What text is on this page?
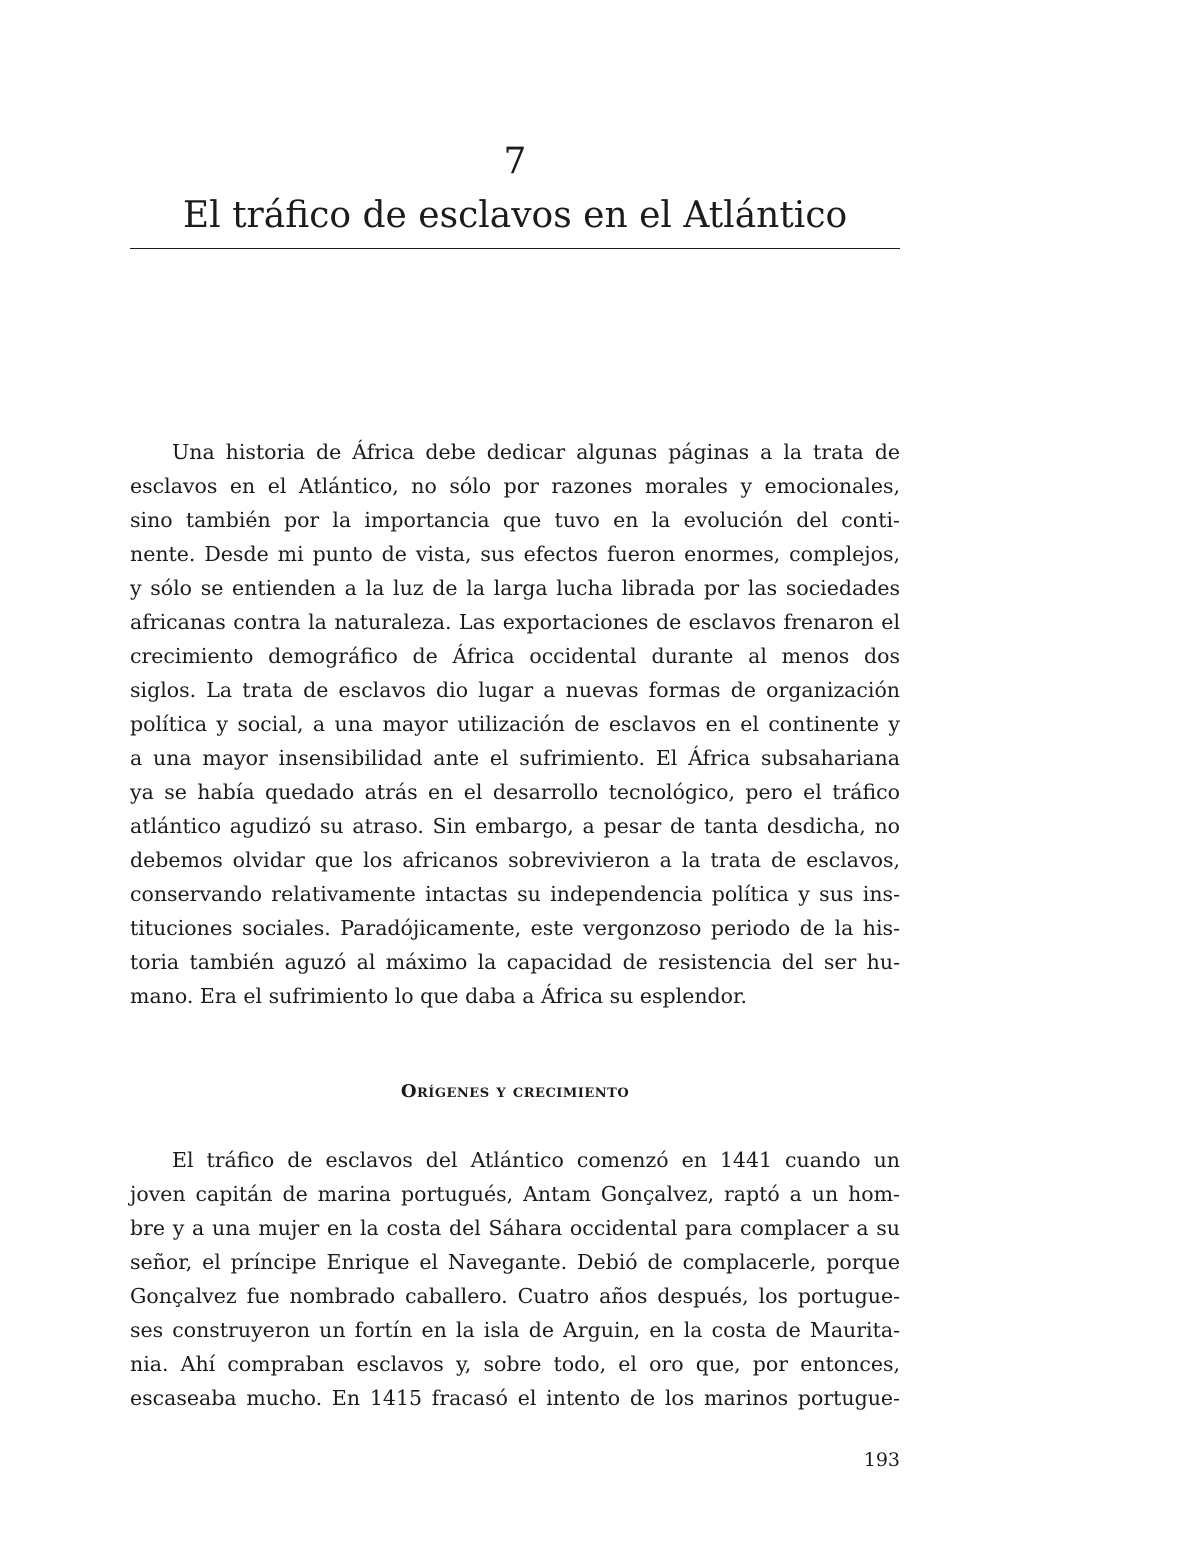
7
El tráfico de esclavos en el Atlántico
Una historia de África debe dedicar algunas páginas a la trata de
esclavos en el Atlántico, no sólo por razones morales y emocionales,
sino también por la importancia que tuvo en la evolución del conti-
nente. Desde mi punto de vista, sus efectos fueron enormes, complejos,
y sólo se entienden a la luz de la larga lucha librada por las sociedades
africanas contra la naturaleza. Las exportaciones de esclavos frenaron el
crecimiento demográfico de África occidental durante al menos dos
siglos. La trata de esclavos dio lugar a nuevas formas de organización
política y social, a una mayor utilización de esclavos en el continente y
a una mayor insensibilidad ante el sufrimiento. El África subsahariana
ya se había quedado atrás en el desarrollo tecnológico, pero el tráfico
atlántico agudizó su atraso. Sin embargo, a pesar de tanta desdicha, no
debemos olvidar que los africanos sobrevivieron a la trata de esclavos,
conservando relativamente intactas su independencia política y sus ins-
tituciones sociales. Paradójicamente, este vergonzoso periodo de la his-
toria también aguzó al máximo la capacidad de resistencia del ser hu-
mano. Era el sufrimiento lo que daba a África su esplendor.
Orígenes y crecimiento
El tráfico de esclavos del Atlántico comenzó en 1441 cuando un
joven capitán de marina portugués, Antam Gonçalvez, raptó a un hom-
bre y a una mujer en la costa del Sáhara occidental para complacer a su
señor, el príncipe Enrique el Navegante. Debió de complacerle, porque
Gonçalvez fue nombrado caballero. Cuatro años después, los portugue-
ses construyeron un fortín en la isla de Arguin, en la costa de Maurita-
nia. Ahí compraban esclavos y, sobre todo, el oro que, por entonces,
escaseaba mucho. En 1415 fracasó el intento de los marinos portugue-
193
